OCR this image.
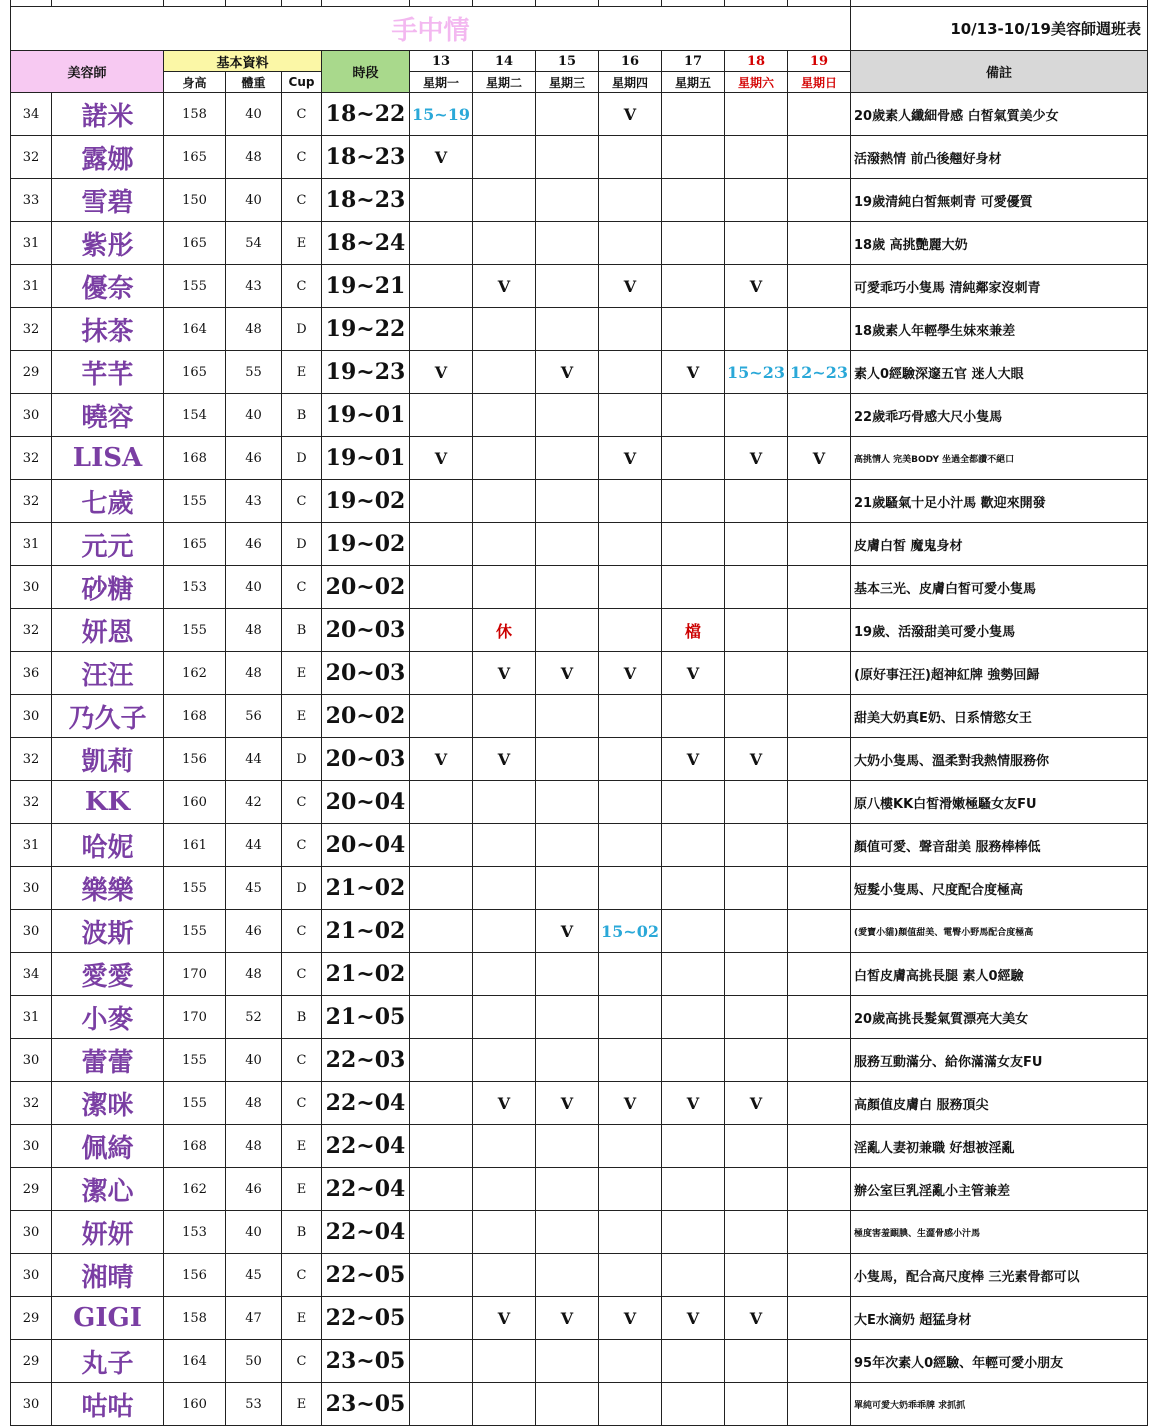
手中情													10/13-10/19美容師週班表
美容師		基本資料			時段	13	14	15	16	17	18	19	備註
		身高	體重	Cup		星期一	星期二	星期三	星期四	星期五	星期六	星期日	
34	諾米	158	40	C	18~22	15~19			V				20歲素人纖細骨感 白皙氣質美少女
32	露娜	165	48	C	18~23	V							活潑熱情 前凸後翹好身材
33	雪碧	150	40	C	18~23								19歲清純白皙無刺青 可愛優質
31	紫彤	165	54	E	18~24								18歲 高挑艷麗大奶
31	優奈	155	43	C	19~21		V		V		V		可愛乖巧小隻馬 清純鄰家沒刺青
32	抹茶	164	48	D	19~22								18歲素人年輕學生妹來兼差
29	芊芊	165	55	E	19~23	V		V		V	15~23	12~23	素人0經驗深邃五官 迷人大眼
30	曉容	154	40	B	19~01								22歲乖巧骨感大尺小隻馬
32	LISA	168	46	D	19~01	V			V		V	V	高挑情人 完美BODY 坐過全都讚不絕口
32	七歲	155	43	C	19~02								21歲騷氣十足小汁馬 歡迎來開發
31	元元	165	46	D	19~02								皮膚白皙 魔鬼身材
30	砂糖	153	40	C	20~02								基本三光、皮膚白皙可愛小隻馬
32	妍恩	155	48	B	20~03		休			檔			19歲、活潑甜美可愛小隻馬
36	汪汪	162	48	E	20~03		V	V	V	V			(原好事汪汪)超神紅牌 強勢回歸
30	乃久子	168	56	E	20~02								甜美大奶真E奶、日系情慾女王
32	凱莉	156	44	D	20~03	V	V			V	V		大奶小隻馬、溫柔對我熱情服務你
32	KK	160	42	C	20~04								原八樓KK白皙滑嫩極騷女友FU
31	哈妮	161	44	C	20~04								顏值可愛、聲音甜美 服務棒棒低
30	樂樂	155	45	D	21~02								短髮小隻馬、尺度配合度極高
30	波斯	155	46	C	21~02			V	15~02				(愛寶小貓)顏值甜美、電臀小野馬配合度極高
34	愛愛	170	48	C	21~02								白皙皮膚高挑長腿 素人0經驗
31	小麥	170	52	B	21~05								20歲高挑長髮氣質漂亮大美女
30	蕾蕾	155	40	C	22~03								服務互動滿分、給你滿滿女友FU
32	潔咪	155	48	C	22~04		V	V	V	V	V		高顏值皮膚白 服務頂尖
30	佩綺	168	48	E	22~04								淫亂人妻初兼職 好想被淫亂
29	潔心	162	46	E	22~04								辦公室巨乳淫亂小主管兼差
30	妍妍	153	40	B	22~04								極度害羞靦腆、生澀骨感小汁馬
30	湘晴	156	45	C	22~05								小隻馬，配合高尺度棒 三光素骨都可以
29	GIGI	158	47	E	22~05		V	V	V	V	V		大E水滴奶 超猛身材
29	丸子	164	50	C	23~05								95年次素人0經驗、年輕可愛小朋友
30	咕咕	160	53	E	23~05								單純可愛大奶乖乖牌 求抓抓
